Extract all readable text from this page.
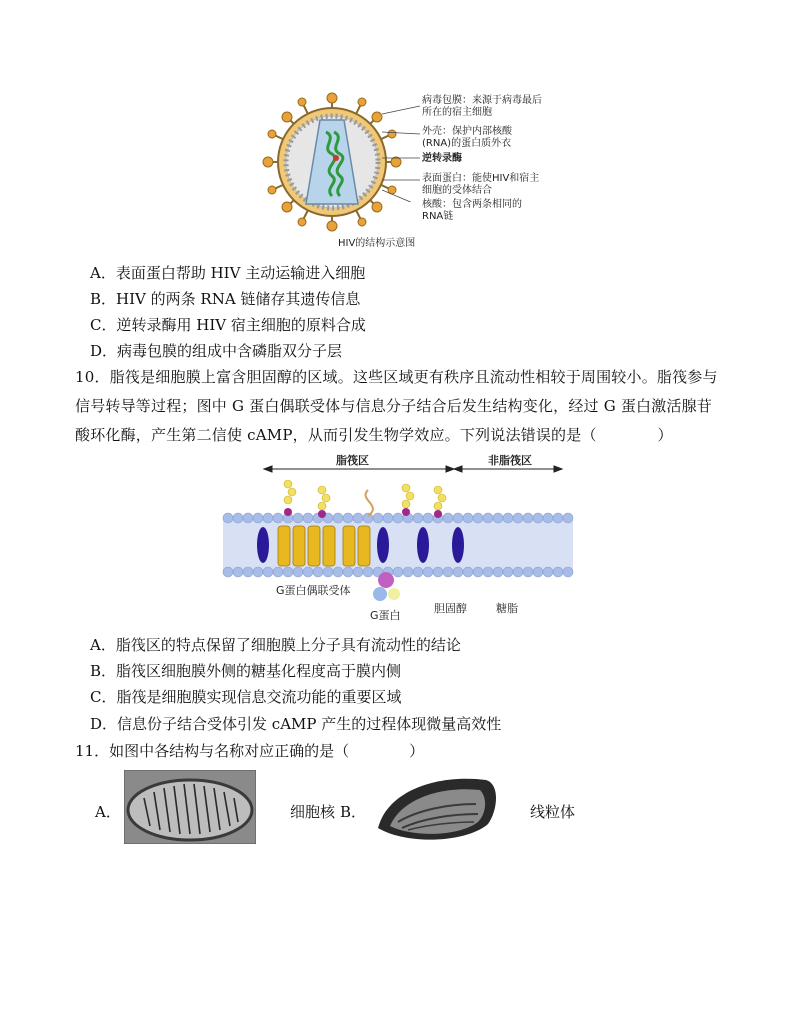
病毒包膜：来源于病毒最后所在的宿主细胞
外壳：保护内部核酸(RNA)的蛋白质外衣
逆转录酶
表面蛋白：能使HIV和宿主细胞的受体结合
核酸：包含两条相同的RNA链
HIV的结构示意图
A．表面蛋白帮助 HIV 主动运输进入细胞
B．HIV 的两条 RNA 链储存其遗传信息
C．逆转录酶用 HIV 宿主细胞的原料合成
D．病毒包膜的组成中含磷脂双分子层
10．脂筏是细胞膜上富含胆固醇的区域。这些区域更有秩序且流动性相较于周围较小。脂筏参与信号转导等过程；图中 G 蛋白偶联受体与信息分子结合后发生结构变化，经过 G 蛋白激活腺苷酸环化酶，产生第二信使 cAMP，从而引发生物学效应。下列说法错误的是（　　　　）
脂筏区	非脂筏区
G蛋白偶联受体
G蛋白
胆固醇	糖脂
A．脂筏区的特点保留了细胞膜上分子具有流动性的结论
B．脂筏区细胞膜外侧的糖基化程度高于膜内侧
C．脂筏是细胞膜实现信息交流功能的重要区域
D．信息份子结合受体引发 cAMP 产生的过程体现微量高效性
11．如图中各结构与名称对应正确的是（　　　　）
A．	细胞核 B．	线粒体
